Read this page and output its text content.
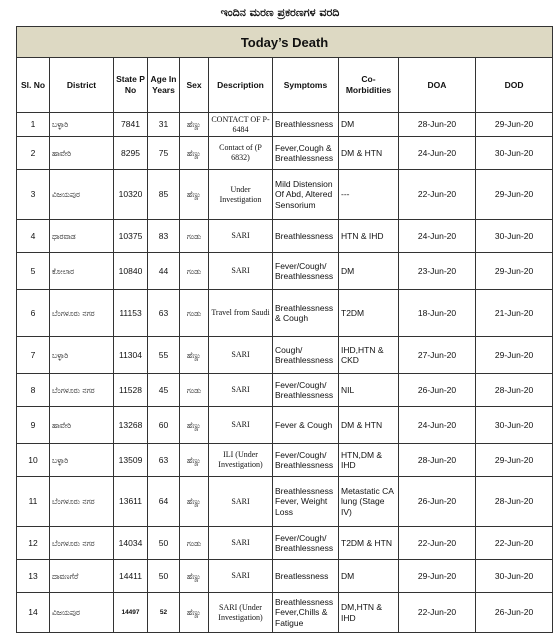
ಇಂದಿನ ಮರಣ ಪ್ರಕರಣಗಳ ವರದಿ
Today’s Death									
Sl. No	District	State P No	Age In Years	Sex	Description	Symptoms	Co-Morbidities	DOA	DOD
1	ಬಳ್ಳಾರಿ	7841	31	ಹೆಣ್ಣು	CONTACT OF P-6484	Breathlessness	DM	28-Jun-20	29-Jun-20
2	ಹಾವೇರಿ	8295	75	ಹೆಣ್ಣು	Contact of (P 6832)	Fever,Cough & Breathlessness	DM & HTN	24-Jun-20	30-Jun-20
3	ವಿಜಯಪುರ	10320	85	ಹೆಣ್ಣು	Under Investigation	Mild Distension Of Abd, Altered Sensorium	---	22-Jun-20	29-Jun-20
4	ಧಾರವಾಡ	10375	83	ಗಂಡು	SARI	Breathlessness	HTN & IHD	24-Jun-20	30-Jun-20
5	ಕೋಲಾರ	10840	44	ಗಂಡು	SARI	Fever/Cough/ Breathlessness	DM	23-Jun-20	29-Jun-20
6	ಬೆಂಗಳೂರು ನಗರ	11153	63	ಗಂಡು	Travel from Saudi	Breathlessness & Cough	T2DM	18-Jun-20	21-Jun-20
7	ಬಳ್ಳಾರಿ	11304	55	ಹೆಣ್ಣು	SARI	Cough/ Breathlessness	IHD,HTN & CKD	27-Jun-20	29-Jun-20
8	ಬೆಂಗಳೂರು ನಗರ	11528	45	ಗಂಡು	SARI	Fever/Cough/ Breathlessness	NIL	26-Jun-20	28-Jun-20
9	ಹಾವೇರಿ	13268	60	ಹೆಣ್ಣು	SARI	Fever & Cough	DM & HTN	24-Jun-20	30-Jun-20
10	ಬಳ್ಳಾರಿ	13509	63	ಹೆಣ್ಣು	ILI (Under Investigation)	Fever/Cough/ Breathlessness	HTN,DM & IHD	28-Jun-20	29-Jun-20
11	ಬೆಂಗಳೂರು ನಗರ	13611	64	ಹೆಣ್ಣು	SARI	Breathlessness Fever, Weight Loss	Metastatic CA lung (Stage IV)	26-Jun-20	28-Jun-20
12	ಬೆಂಗಳೂರು ನಗರ	14034	50	ಗಂಡು	SARI	Fever/Cough/ Breathlessness	T2DM & HTN	22-Jun-20	22-Jun-20
13	ದಾವಣಗೆರೆ	14411	50	ಹೆಣ್ಣು	SARI	Breatlessness	DM	29-Jun-20	30-Jun-20
14	ವಿಜಯಪುರ	14497	52	ಹೆಣ್ಣು	SARI (Under Investigation)	Breathlessness Fever,Chills & Fatigue	DM,HTN & IHD	22-Jun-20	26-Jun-20
